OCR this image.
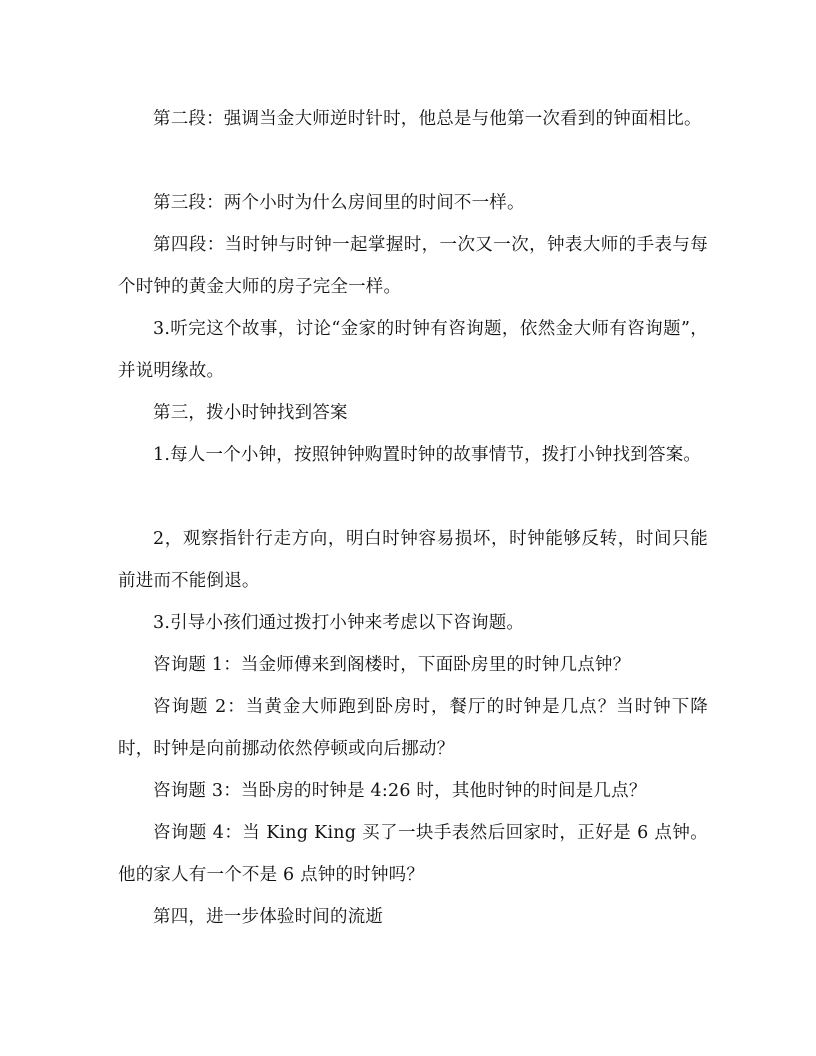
第二段：强调当金大师逆时针时，他总是与他第一次看到的钟面相比。

第三段：两个小时为什么房间里的时间不一样。

第四段：当时钟与时钟一起掌握时，一次又一次，钟表大师的手表与每个时钟的黄金大师的房子完全一样。

3.听完这个故事，讨论“金家的时钟有咨询题，依然金大师有咨询题”，并说明缘故。

第三，拨小时钟找到答案

1.每人一个小钟，按照钟钟购置时钟的故事情节，拨打小钟找到答案。

2，观察指针行走方向，明白时钟容易损坏，时钟能够反转，时间只能前进而不能倒退。

3.引导小孩们通过拨打小钟来考虑以下咨询题。

咨询题 1：当金师傅来到阁楼时，下面卧房里的时钟几点钟？

咨询题 2：当黄金大师跑到卧房时，餐厅的时钟是几点？当时钟下降时，时钟是向前挪动依然停顿或向后挪动？

咨询题 3：当卧房的时钟是 4:26 时，其他时钟的时间是几点？

咨询题 4：当 King King 买了一块手表然后回家时，正好是 6 点钟。他的家人有一个不是 6 点钟的时钟吗？

第四，进一步体验时间的流逝
